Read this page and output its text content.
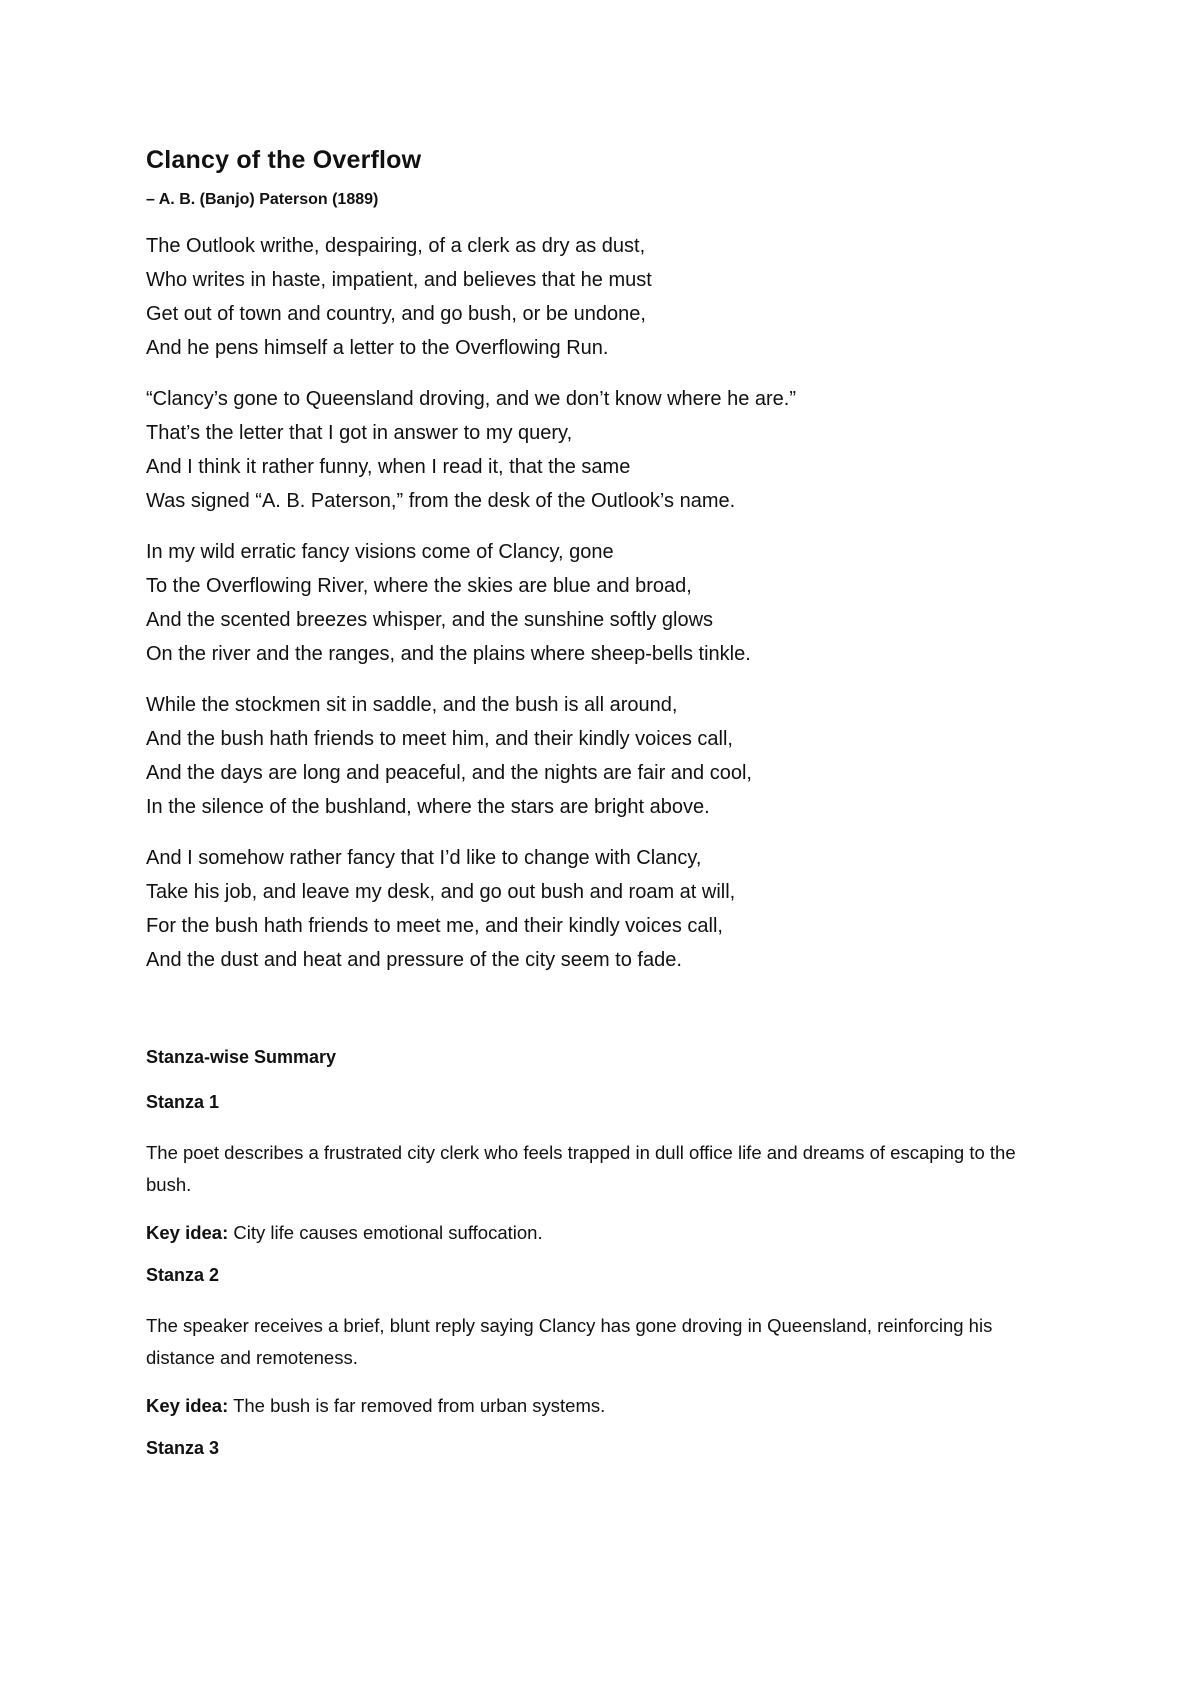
Clancy of the Overflow
– A. B. (Banjo) Paterson (1889)
The Outlook writhe, despairing, of a clerk as dry as dust,
Who writes in haste, impatient, and believes that he must
Get out of town and country, and go bush, or be undone,
And he pens himself a letter to the Overflowing Run.
“Clancy’s gone to Queensland droving, and we don’t know where he are.”
That’s the letter that I got in answer to my query,
And I think it rather funny, when I read it, that the same
Was signed “A. B. Paterson,” from the desk of the Outlook’s name.
In my wild erratic fancy visions come of Clancy, gone
To the Overflowing River, where the skies are blue and broad,
And the scented breezes whisper, and the sunshine softly glows
On the river and the ranges, and the plains where sheep-bells tinkle.
While the stockmen sit in saddle, and the bush is all around,
And the bush hath friends to meet him, and their kindly voices call,
And the days are long and peaceful, and the nights are fair and cool,
In the silence of the bushland, where the stars are bright above.
And I somehow rather fancy that I’d like to change with Clancy,
Take his job, and leave my desk, and go out bush and roam at will,
For the bush hath friends to meet me, and their kindly voices call,
And the dust and heat and pressure of the city seem to fade.
Stanza-wise Summary
Stanza 1
The poet describes a frustrated city clerk who feels trapped in dull office life and dreams of escaping to the bush.
Key idea: City life causes emotional suffocation.
Stanza 2
The speaker receives a brief, blunt reply saying Clancy has gone droving in Queensland, reinforcing his distance and remoteness.
Key idea: The bush is far removed from urban systems.
Stanza 3
